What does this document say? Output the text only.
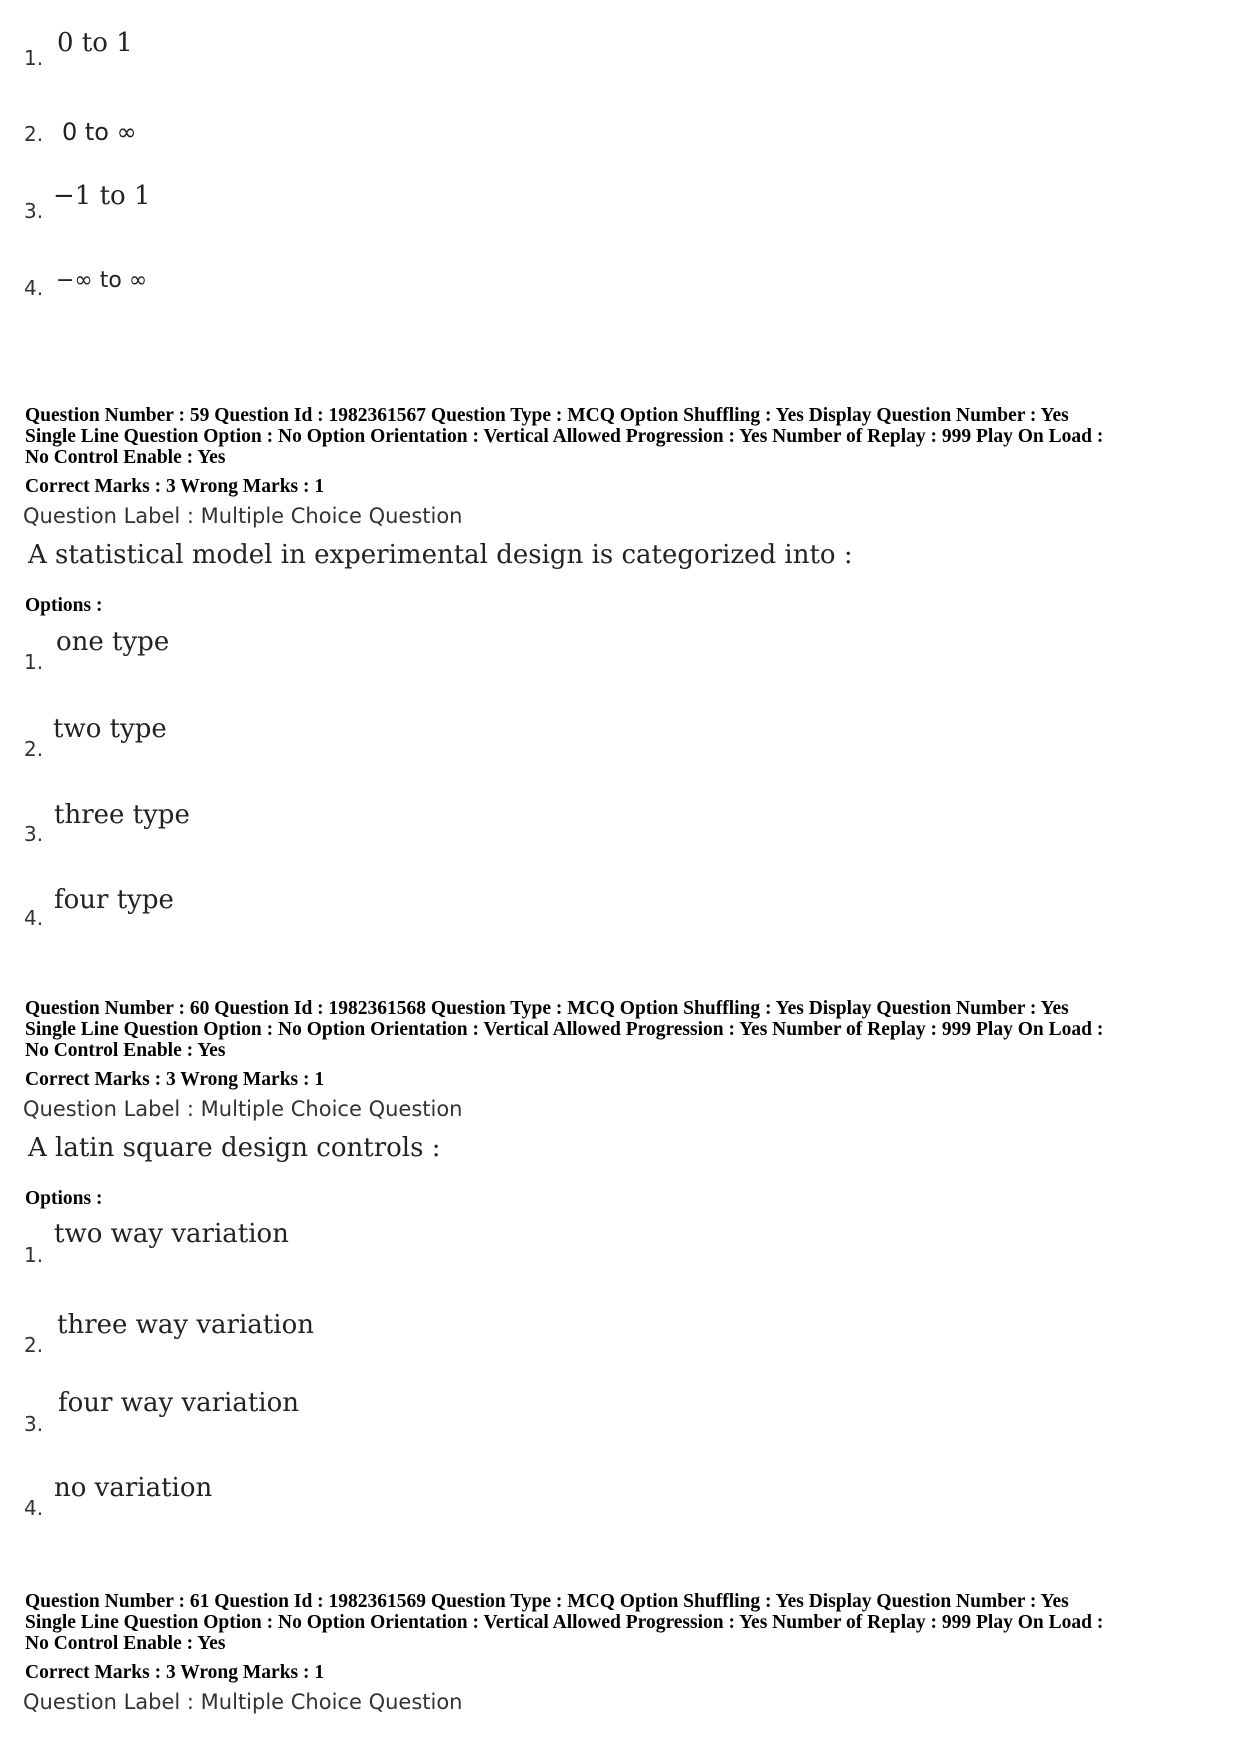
1. 0 to 1
2. 0 to ∞
3. −1 to 1
4. −∞ to ∞
Question Number : 59 Question Id : 1982361567 Question Type : MCQ Option Shuffling : Yes Display Question Number : Yes
Single Line Question Option : No Option Orientation : Vertical Allowed Progression : Yes Number of Replay : 999 Play On Load :
No Control Enable : Yes
Correct Marks : 3 Wrong Marks : 1
Question Label : Multiple Choice Question
A statistical model in experimental design is categorized into :
Options :
1.
one type
2.
two type
3.
three type
4.
four type
Question Number : 60 Question Id : 1982361568 Question Type : MCQ Option Shuffling : Yes Display Question Number : Yes
Single Line Question Option : No Option Orientation : Vertical Allowed Progression : Yes Number of Replay : 999 Play On Load :
No Control Enable : Yes
Correct Marks : 3 Wrong Marks : 1
Question Label : Multiple Choice Question
A latin square design controls :
Options :
1.
two way variation
2.
three way variation
3.
four way variation
4.
no variation
Question Number : 61 Question Id : 1982361569 Question Type : MCQ Option Shuffling : Yes Display Question Number : Yes
Single Line Question Option : No Option Orientation : Vertical Allowed Progression : Yes Number of Replay : 999 Play On Load :
No Control Enable : Yes
Correct Marks : 3 Wrong Marks : 1
Question Label : Multiple Choice Question
